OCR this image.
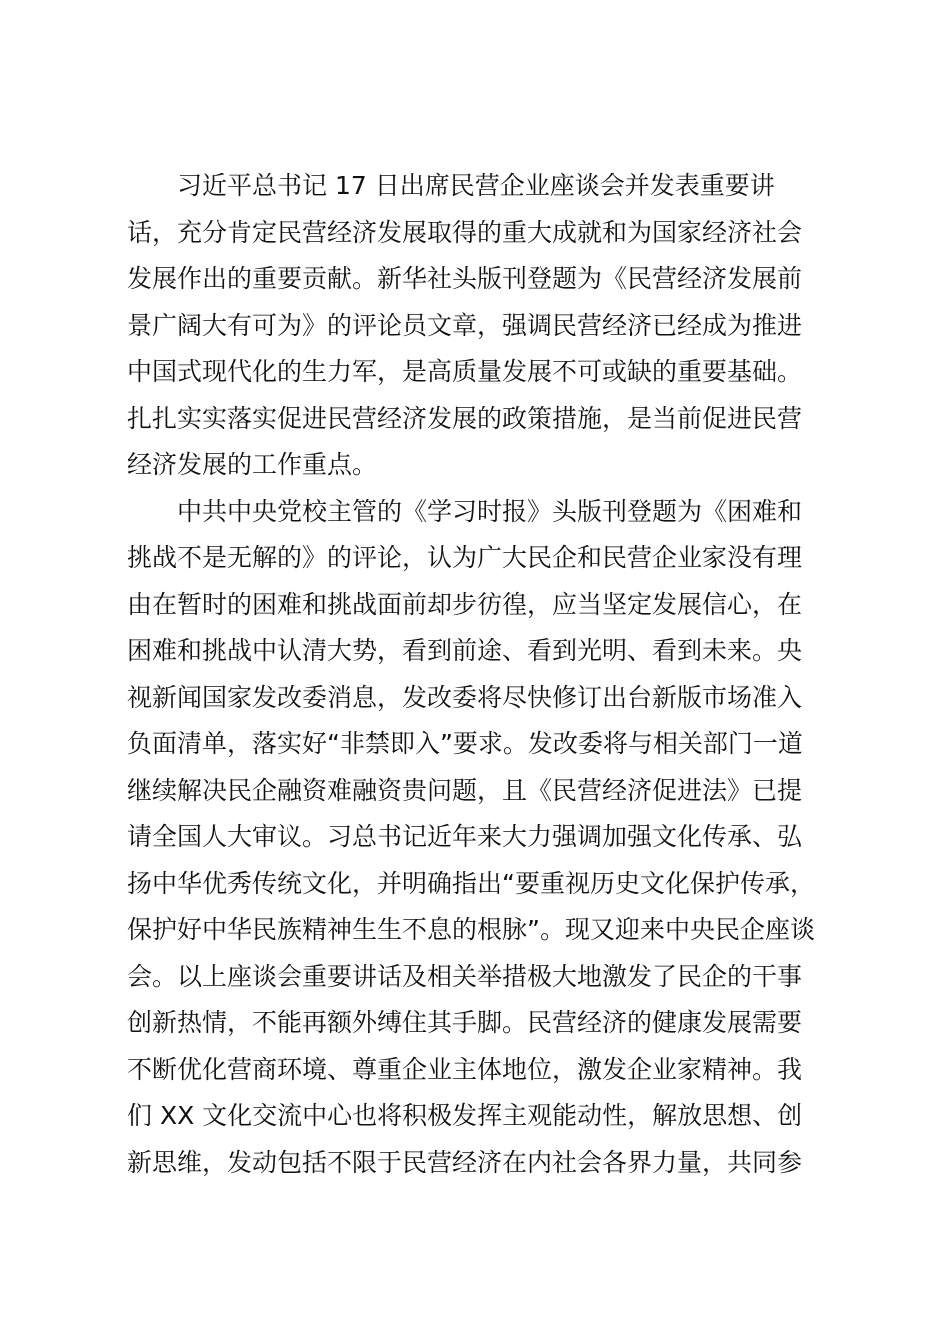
习近平总书记 17 日出席民营企业座谈会并发表重要讲
话，充分肯定民营经济发展取得的重大成就和为国家经济社会
发展作出的重要贡献。新华社头版刊登题为《民营经济发展前
景广阔大有可为》的评论员文章，强调民营经济已经成为推进
中国式现代化的生力军，是高质量发展不可或缺的重要基础。
扎扎实实落实促进民营经济发展的政策措施，是当前促进民营
经济发展的工作重点。

中共中央党校主管的《学习时报》头版刊登题为《困难和
挑战不是无解的》的评论，认为广大民企和民营企业家没有理
由在暂时的困难和挑战面前却步彷徨，应当坚定发展信心，在
困难和挑战中认清大势，看到前途、看到光明、看到未来。央
视新闻国家发改委消息，发改委将尽快修订出台新版市场准入
负面清单，落实好“非禁即入”要求。发改委将与相关部门一道
继续解决民企融资难融资贵问题，且《民营经济促进法》已提
请全国人大审议。习总书记近年来大力强调加强文化传承、弘
扬中华优秀传统文化，并明确指出“要重视历史文化保护传承，
保护好中华民族精神生生不息的根脉”。现又迎来中央民企座谈
会。以上座谈会重要讲话及相关举措极大地激发了民企的干事
创新热情，不能再额外缚住其手脚。民营经济的健康发展需要
不断优化营商环境、尊重企业主体地位，激发企业家精神。我
们 XX 文化交流中心也将积极发挥主观能动性，解放思想、创
新思维，发动包括不限于民营经济在内社会各界力量，共同参
